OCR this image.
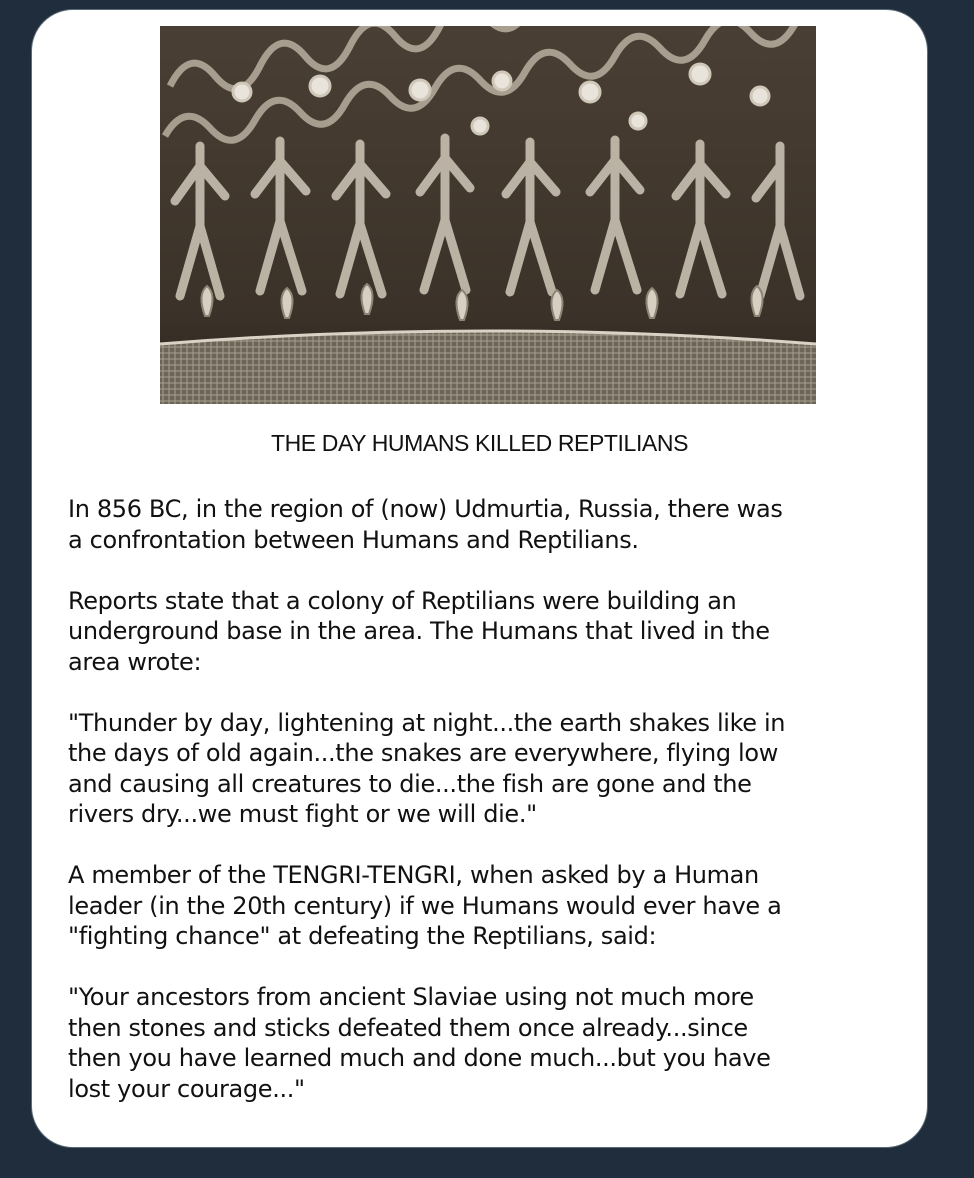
THE DAY HUMANS KILLED REPTILIANS

In 856 BC, in the region of (now) Udmurtia, Russia, there was
a confrontation between Humans and Reptilians.

Reports state that a colony of Reptilians were building an
underground base in the area. The Humans that lived in the
area wrote:

"Thunder by day, lightening at night...the earth shakes like in
the days of old again...the snakes are everywhere, flying low
and causing all creatures to die...the fish are gone and the
rivers dry...we must fight or we will die."

A member of the TENGRI-TENGRI, when asked by a Human
leader (in the 20th century) if we Humans would ever have a
"fighting chance" at defeating the Reptilians, said:

"Your ancestors from ancient Slaviae using not much more
then stones and sticks defeated them once already...since
then you have learned much and done much...but you have
lost your courage..."
